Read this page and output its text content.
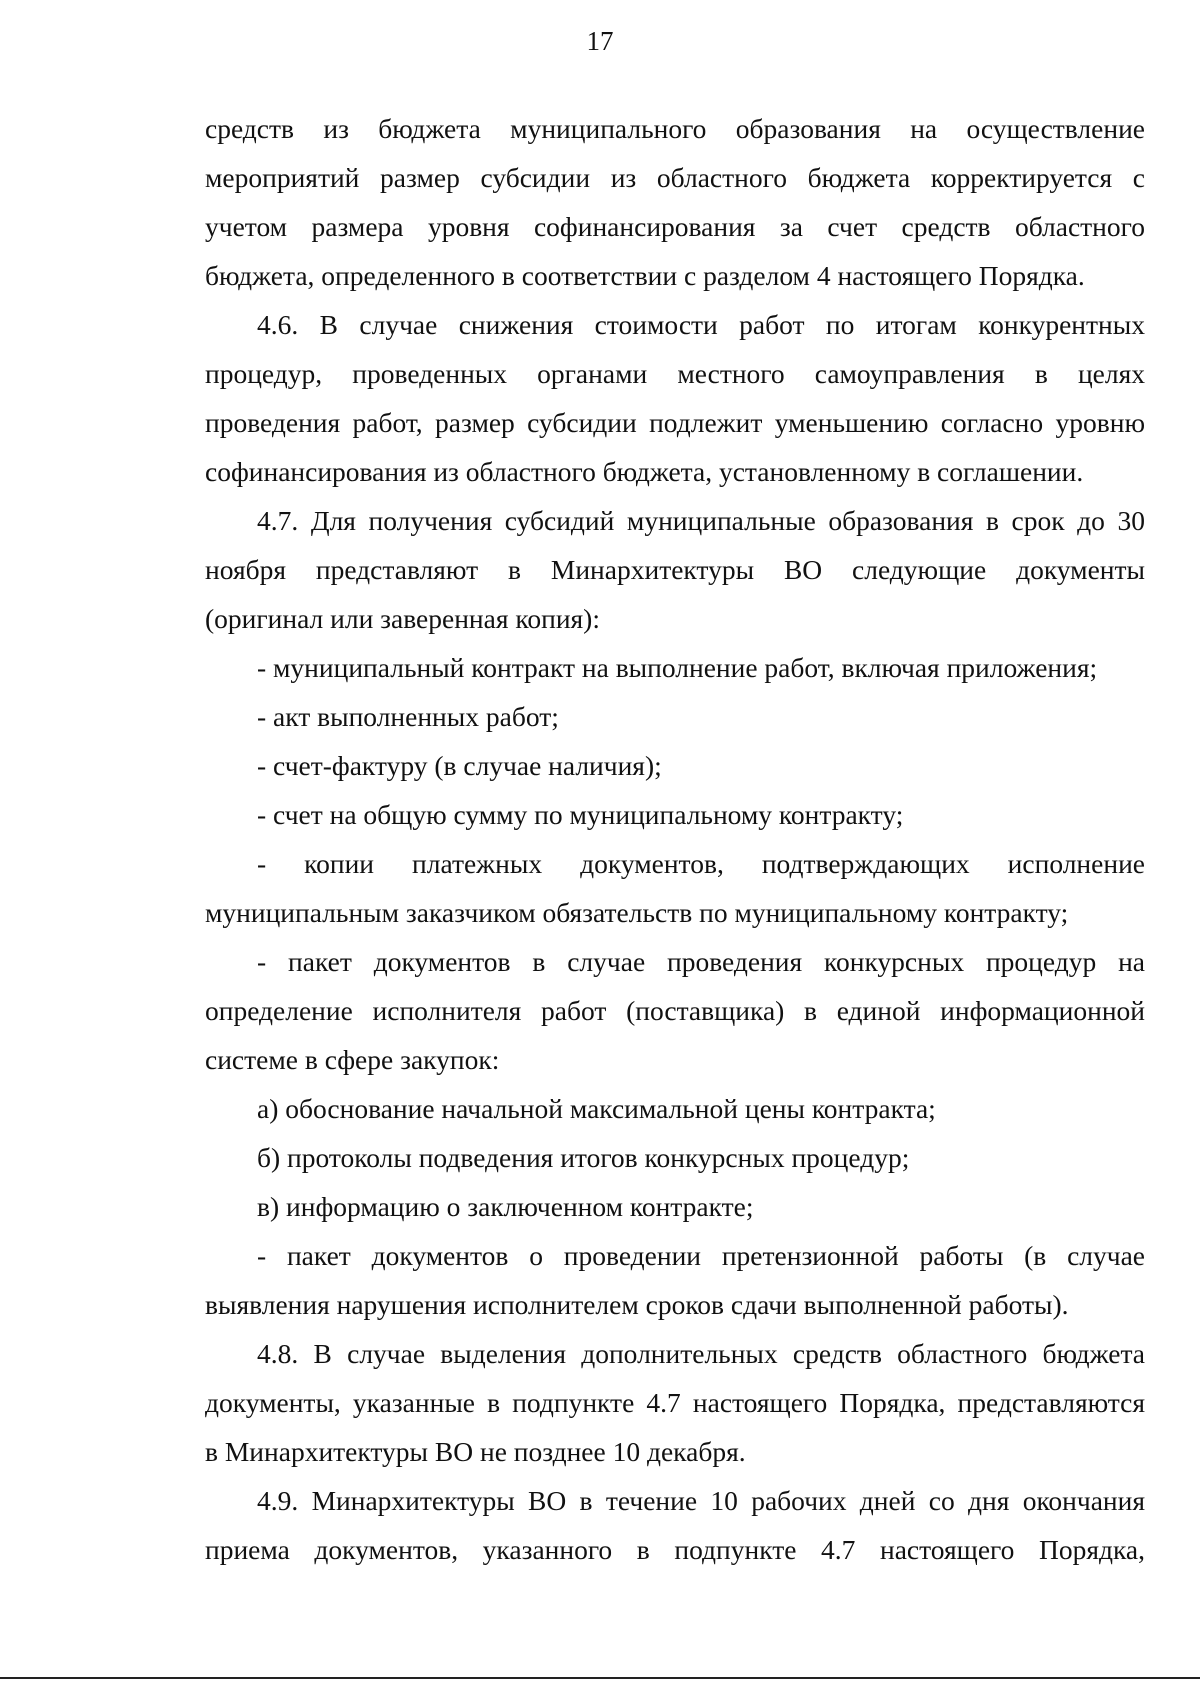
17
средств из бюджета муниципального образования на осуществление
мероприятий размер субсидии из областного бюджета корректируется с
учетом размера уровня софинансирования за счет средств областного
бюджета, определенного в соответствии с разделом 4 настоящего Порядка.
4.6. В случае снижения стоимости работ по итогам конкурентных
процедур, проведенных органами местного самоуправления в целях
проведения работ, размер субсидии подлежит уменьшению согласно уровню
софинансирования из областного бюджета, установленному в соглашении.
4.7. Для получения субсидий муниципальные образования в срок до 30
ноября представляют в Минархитектуры ВО следующие документы
(оригинал или заверенная копия):
- муниципальный контракт на выполнение работ, включая приложения;
- акт выполненных работ;
- счет-фактуру (в случае наличия);
- счет на общую сумму по муниципальному контракту;
- копии платежных документов, подтверждающих исполнение
муниципальным заказчиком обязательств по муниципальному контракту;
- пакет документов в случае проведения конкурсных процедур на
определение исполнителя работ (поставщика) в единой информационной
системе в сфере закупок:
а) обоснование начальной максимальной цены контракта;
б) протоколы подведения итогов конкурсных процедур;
в) информацию о заключенном контракте;
- пакет документов о проведении претензионной работы (в случае
выявления нарушения исполнителем сроков сдачи выполненной работы).
4.8. В случае выделения дополнительных средств областного бюджета
документы, указанные в подпункте 4.7 настоящего Порядка, представляются
в Минархитектуры ВО не позднее 10 декабря.
4.9. Минархитектуры ВО в течение 10 рабочих дней со дня окончания
приема документов, указанного в подпункте 4.7 настоящего Порядка,
